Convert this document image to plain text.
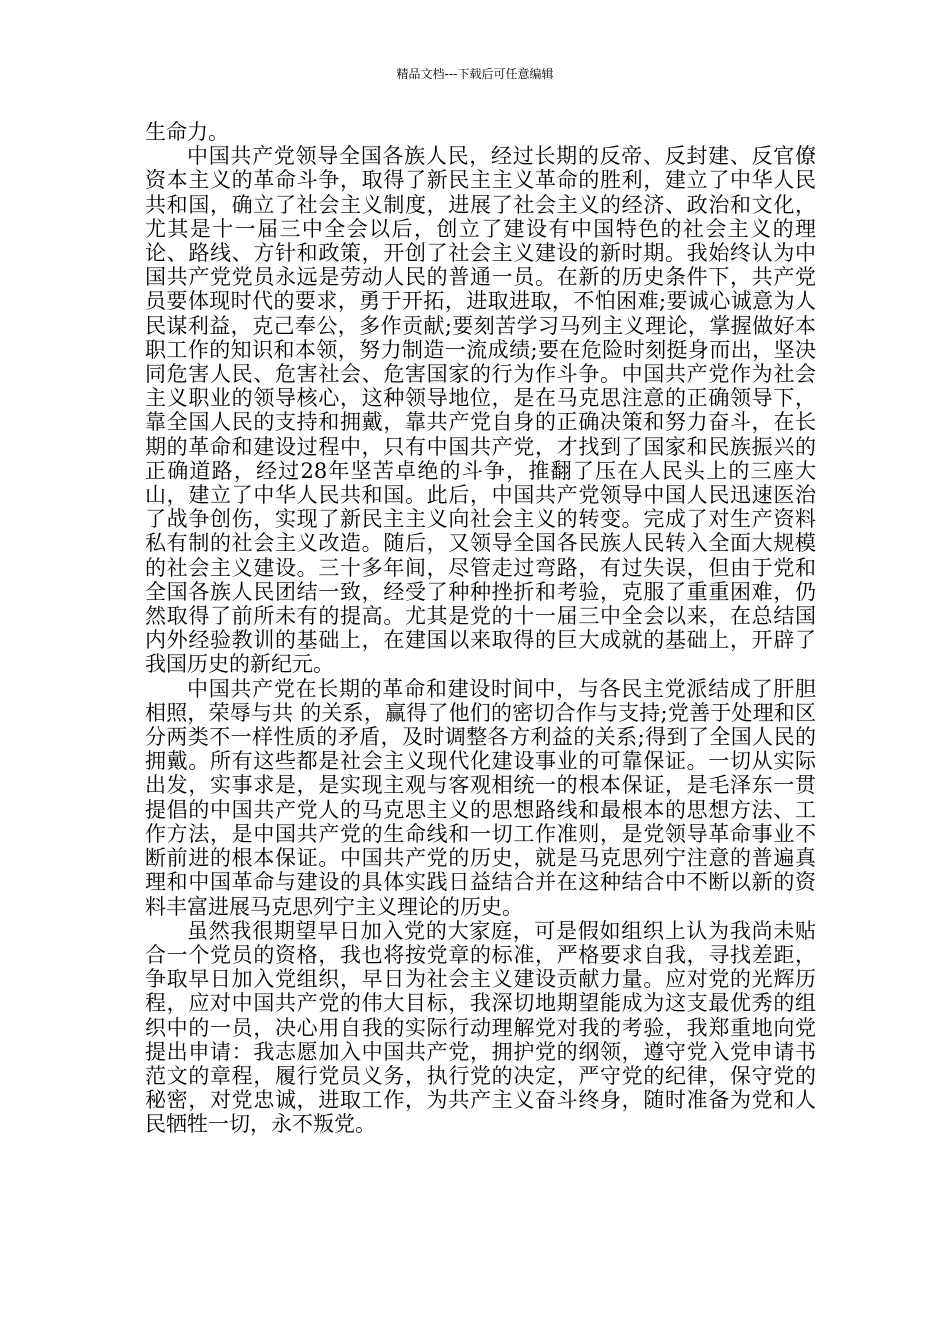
精品文档---下载后可任意编辑

生命力。

中国共产党领导全国各族人民，经过长期的反帝、反封建、反官僚资本主义的革命斗争，取得了新民主主义革命的胜利，建立了中华人民共和国，确立了社会主义制度，进展了社会主义的经济、政治和文化，尤其是十一届三中全会以后，创立了建设有中国特色的社会主义的理论、路线、方针和政策，开创了社会主义建设的新时期。我始终认为中国共产党党员永远是劳动人民的普通一员。在新的历史条件下，共产党员要体现时代的要求，勇于开拓，进取进取，不怕困难;要诚心诚意为人民谋利益，克己奉公，多作贡献;要刻苦学习马列主义理论，掌握做好本职工作的知识和本领，努力制造一流成绩;要在危险时刻挺身而出，坚决同危害人民、危害社会、危害国家的行为作斗争。中国共产党作为社会主义职业的领导核心，这种领导地位，是在马克思注意的正确领导下，靠全国人民的支持和拥戴，靠共产党自身的正确决策和努力奋斗，在长期的革命和建设过程中，只有中国共产党，才找到了国家和民族振兴的正确道路，经过28年坚苦卓绝的斗争，推翻了压在人民头上的三座大山，建立了中华人民共和国。此后，中国共产党领导中国人民迅速医治了战争创伤，实现了新民主主义向社会主义的转变。完成了对生产资料私有制的社会主义改造。随后，又领导全国各民族人民转入全面大规模的社会主义建设。三十多年间，尽管走过弯路，有过失误，但由于党和全国各族人民团结一致，经受了种种挫折和考验，克服了重重困难，仍然取得了前所未有的提高。尤其是党的十一届三中全会以来，在总结国内外经验教训的基础上，在建国以来取得的巨大成就的基础上，开辟了我国历史的新纪元。

中国共产党在长期的革命和建设时间中，与各民主党派结成了肝胆相照，荣辱与共 的关系，赢得了他们的密切合作与支持;党善于处理和区分两类不一样性质的矛盾，及时调整各方利益的关系;得到了全国人民的拥戴。所有这些都是社会主义现代化建设事业的可靠保证。一切从实际出发，实事求是，是实现主观与客观相统一的根本保证，是毛泽东一贯提倡的中国共产党人的马克思主义的思想路线和最根本的思想方法、工作方法，是中国共产党的生命线和一切工作准则，是党领导革命事业不断前进的根本保证。中国共产党的历史，就是马克思列宁注意的普遍真理和中国革命与建设的具体实践日益结合并在这种结合中不断以新的资料丰富进展马克思列宁主义理论的历史。

虽然我很期望早日加入党的大家庭，可是假如组织上认为我尚未贴合一个党员的资格，我也将按党章的标准，严格要求自我，寻找差距，争取早日加入党组织，早日为社会主义建设贡献力量。应对党的光辉历程，应对中国共产党的伟大目标，我深切地期望能成为这支最优秀的组织中的一员，决心用自我的实际行动理解党对我的考验，我郑重地向党提出申请：我志愿加入中国共产党，拥护党的纲领，遵守党入党申请书范文的章程，履行党员义务，执行党的决定，严守党的纪律，保守党的秘密，对党忠诚，进取工作，为共产主义奋斗终身，随时准备为党和人民牺牲一切，永不叛党。
